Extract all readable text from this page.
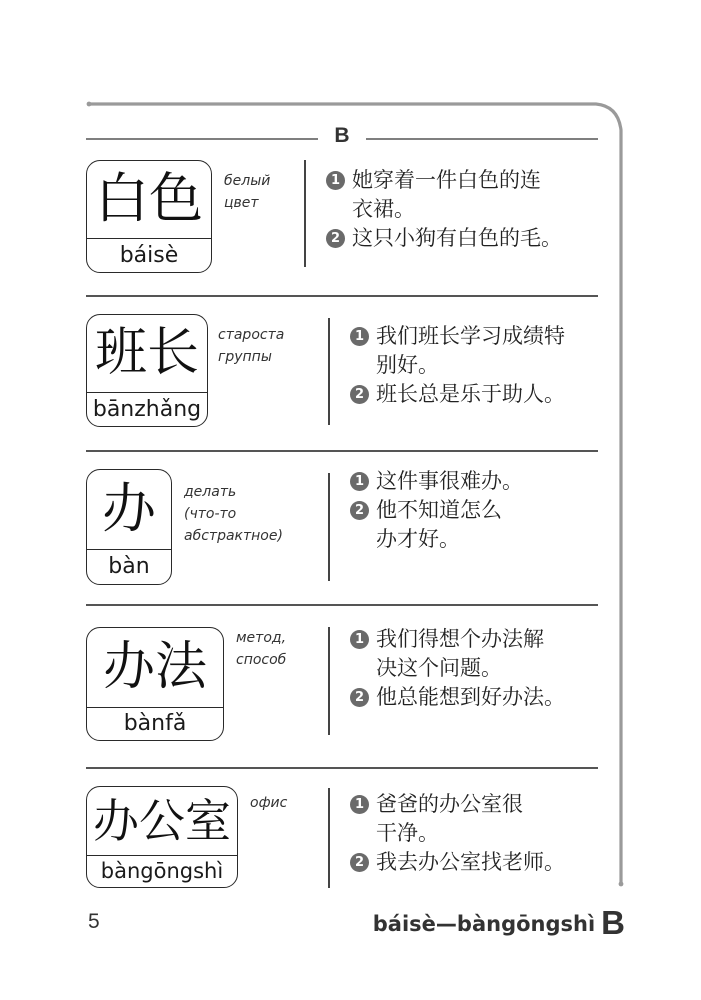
B
白色
báisè
белый
цвет
1 她穿着一件白色的连
衣裙。
2 这只小狗有白色的毛。
班长
bānzhǎng
староста
группы
1 我们班长学习成绩特
别好。
2 班长总是乐于助人。
办
bàn
делать
(что-то
абстрактное)
1 这件事很难办。
2 他不知道怎么
办才好。
办法
bànfǎ
метод,
способ
1 我们得想个办法解
决这个问题。
2 他总能想到好办法。
办公室
bàngōngshì
офис	1 爸爸的办公室很
干净。
2 我去办公室找老师。
5	báisè—bàngōngshì B
